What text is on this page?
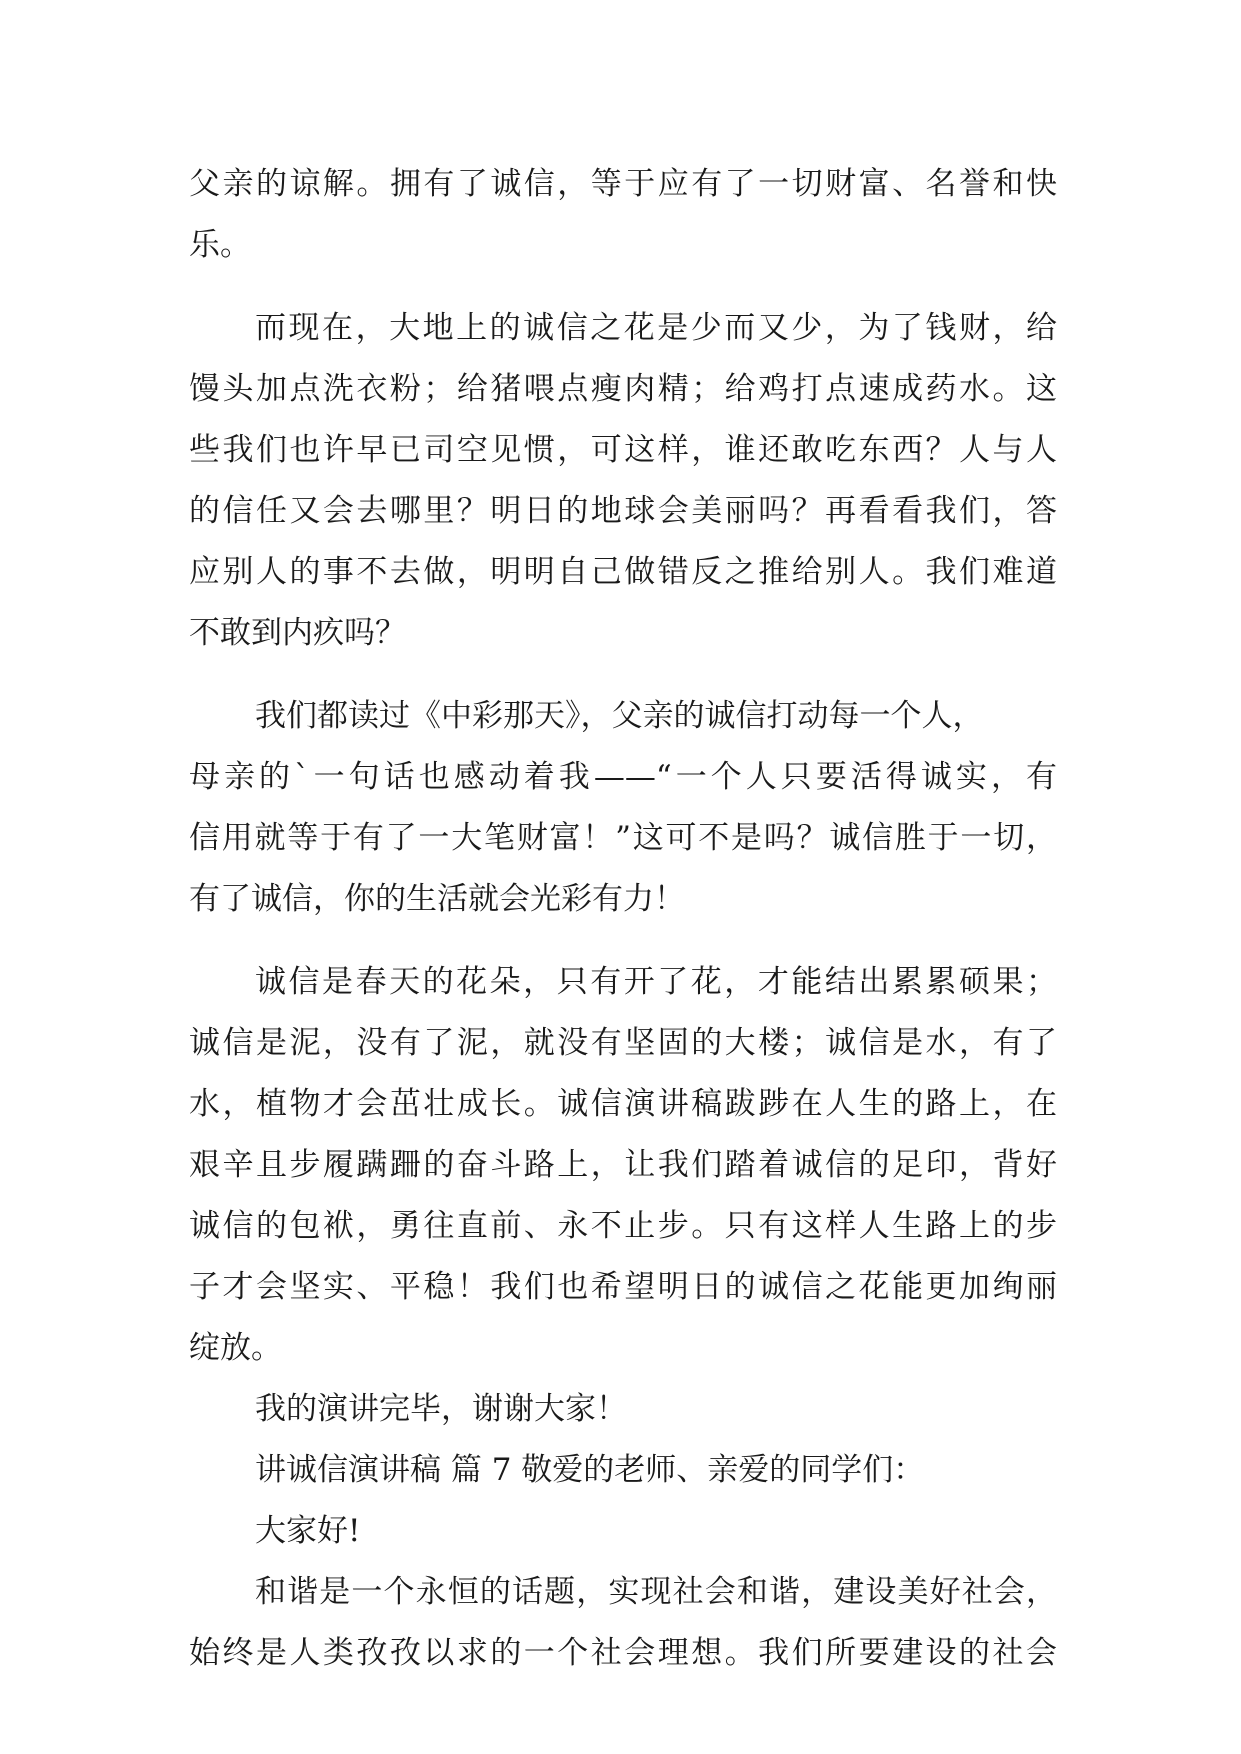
父亲的谅解。拥有了诚信，等于应有了一切财富、名誉和快
乐。
而现在，大地上的诚信之花是少而又少，为了钱财，给
馒头加点洗衣粉；给猪喂点瘦肉精；给鸡打点速成药水。这
些我们也许早已司空见惯，可这样，谁还敢吃东西？人与人
的信任又会去哪里？明日的地球会美丽吗？再看看我们，答
应别人的事不去做，明明自己做错反之推给别人。我们难道
不敢到内疚吗？
我们都读过《中彩那天》，父亲的诚信打动每一个人，
母亲的`一句话也感动着我——“一个人只要活得诚实，有
信用就等于有了一大笔财富！”这可不是吗？诚信胜于一切，
有了诚信，你的生活就会光彩有力！
诚信是春天的花朵，只有开了花，才能结出累累硕果；
诚信是泥，没有了泥，就没有坚固的大楼；诚信是水，有了
水，植物才会茁壮成长。诚信演讲稿跋踄在人生的路上，在
艰辛且步履蹒跚的奋斗路上，让我们踏着诚信的足印，背好
诚信的包袱，勇往直前、永不止步。只有这样人生路上的步
子才会坚实、平稳！我们也希望明日的诚信之花能更加绚丽
绽放。
我的演讲完毕，谢谢大家！
讲诚信演讲稿 篇 7 敬爱的老师、亲爱的同学们：
大家好!
和谐是一个永恒的话题，实现社会和谐，建设美好社会，
始终是人类孜孜以求的一个社会理想。我们所要建设的社会
